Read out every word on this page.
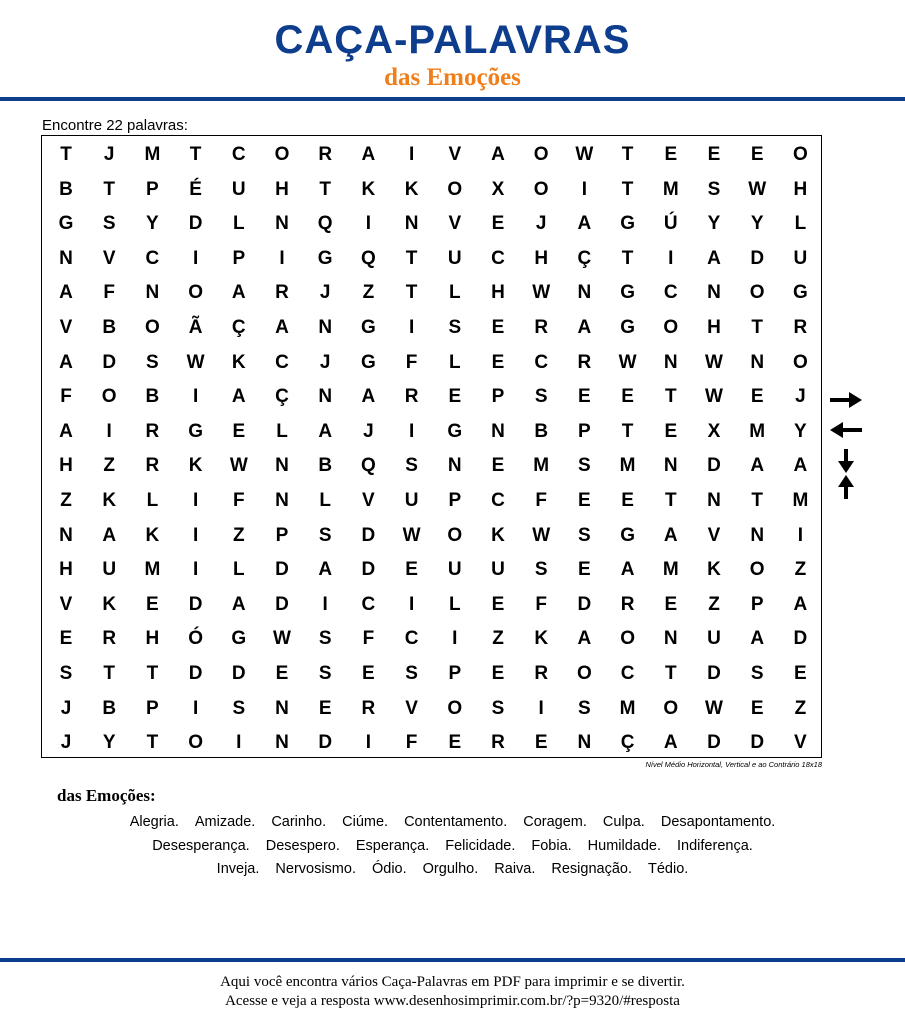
CAÇA-PALAVRAS
das Emoções
Encontre 22 palavras:
T	J	M	T	C	O	R	A	I	V	A	O	W	T	E	E	E	O
B	T	P	É	U	H	T	K	K	O	X	O	I	T	M	S	W	H
G	S	Y	D	L	N	Q	I	N	V	E	J	A	G	Ú	Y	Y	L
N	V	C	I	P	I	G	Q	T	U	C	H	Ç	T	I	A	D	U
A	F	N	O	A	R	J	Z	T	L	H	W	N	G	C	N	O	G
V	B	O	Ã	Ç	A	N	G	I	S	E	R	A	G	O	H	T	R
A	D	S	W	K	C	J	G	F	L	E	C	R	W	N	W	N	O
F	O	B	I	A	Ç	N	A	R	E	P	S	E	E	T	W	E	J
A	I	R	G	E	L	A	J	I	G	N	B	P	T	E	X	M	Y
H	Z	R	K	W	N	B	Q	S	N	E	M	S	M	N	D	A	A
Z	K	L	I	F	N	L	V	U	P	C	F	E	E	T	N	T	M
N	A	K	I	Z	P	S	D	W	O	K	W	S	G	A	V	N	I
H	U	M	I	L	D	A	D	E	U	U	S	E	A	M	K	O	Z
V	K	E	D	A	D	I	C	I	L	E	F	D	R	E	Z	P	A
E	R	H	Ó	G	W	S	F	C	I	Z	K	A	O	N	U	A	D
S	T	T	D	D	E	S	E	S	P	E	R	O	C	T	D	S	E
J	B	P	I	S	N	E	R	V	O	S	I	S	M	O	W	E	Z
J	Y	T	O	I	N	D	I	F	E	R	E	N	Ç	A	D	D	V
Nível Médio Horizontal, Vertical e ao Contrário 18x18
das Emoções:
Alegria. Amizade. Carinho. Ciúme. Contentamento. Coragem. Culpa. Desapontamento.
Desesperança. Desespero. Esperança. Felicidade. Fobia. Humildade. Indiferença.
Inveja. Nervosismo. Ódio. Orgulho. Raiva. Resignação. Tédio.
Aqui você encontra vários Caça-Palavras em PDF para imprimir e se divertir.
Acesse e veja a resposta www.desenhosimprimir.com.br/?p=9320/#resposta
